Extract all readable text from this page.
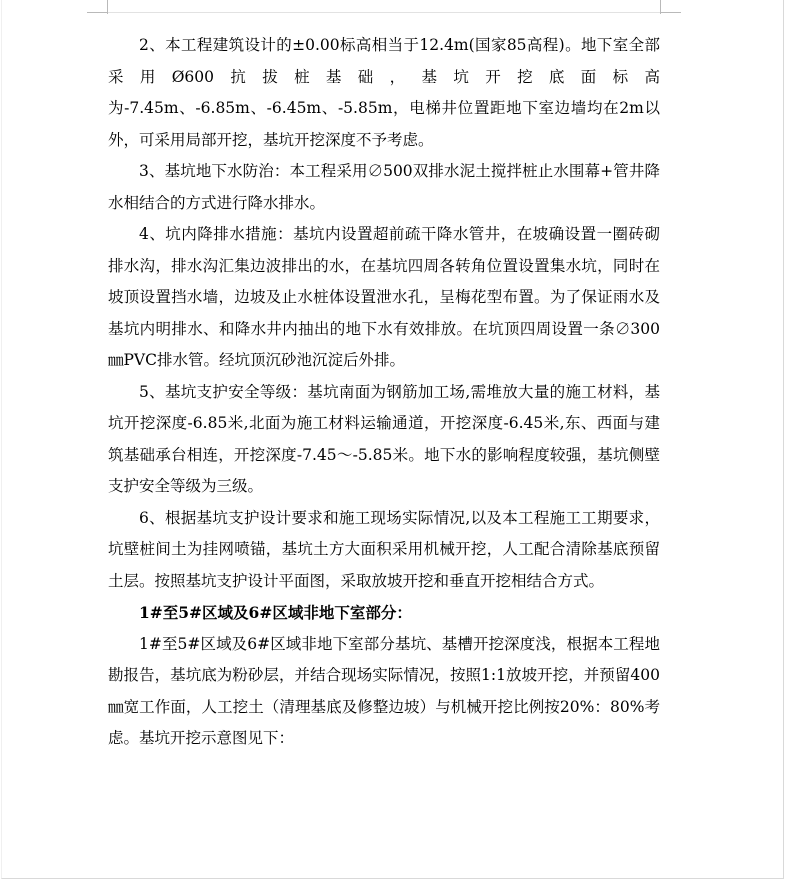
2、本工程建筑设计的±0.00标高相当于12.4m(国家85高程)。地下室全部采用Ø600抗拔桩基础，基坑开挖底面标高为-7.45m、-6.85m、-6.45m、-5.85m，电梯井位置距地下室边墙均在2m以外，可采用局部开挖，基坑开挖深度不予考虑。

3、基坑地下水防治：本工程采用∅500双排水泥土搅拌桩止水围幕+管井降水相结合的方式进行降水排水。

4、坑内降排水措施：基坑内设置超前疏干降水管井，在坡确设置一圈砖砌排水沟，排水沟汇集边波排出的水，在基坑四周各转角位置设置集水坑，同时在坡顶设置挡水墙，边坡及止水桩体设置泄水孔，呈梅花型布置。为了保证雨水及基坑内明排水、和降水井内抽出的地下水有效排放。在坑顶四周设置一条∅300㎜PVC排水管。经坑顶沉砂池沉淀后外排。

5、基坑支护安全等级：基坑南面为钢筋加工场,需堆放大量的施工材料，基坑开挖深度-6.85米,北面为施工材料运输通道，开挖深度-6.45米,东、西面与建筑基础承台相连，开挖深度-7.45～-5.85米。地下水的影响程度较强，基坑侧壁支护安全等级为三级。

6、根据基坑支护设计要求和施工现场实际情况,以及本工程施工工期要求，坑壁桩间土为挂网喷锚，基坑土方大面积采用机械开挖，人工配合清除基底预留土层。按照基坑支护设计平面图，采取放坡开挖和垂直开挖相结合方式。

1#至5#区域及6#区域非地下室部分：

1#至5#区域及6#区域非地下室部分基坑、基槽开挖深度浅，根据本工程地勘报告，基坑底为粉砂层，并结合现场实际情况，按照1:1放坡开挖，并预留400㎜宽工作面，人工挖土（清理基底及修整边坡）与机械开挖比例按20%：80%考虑。基坑开挖示意图见下：
